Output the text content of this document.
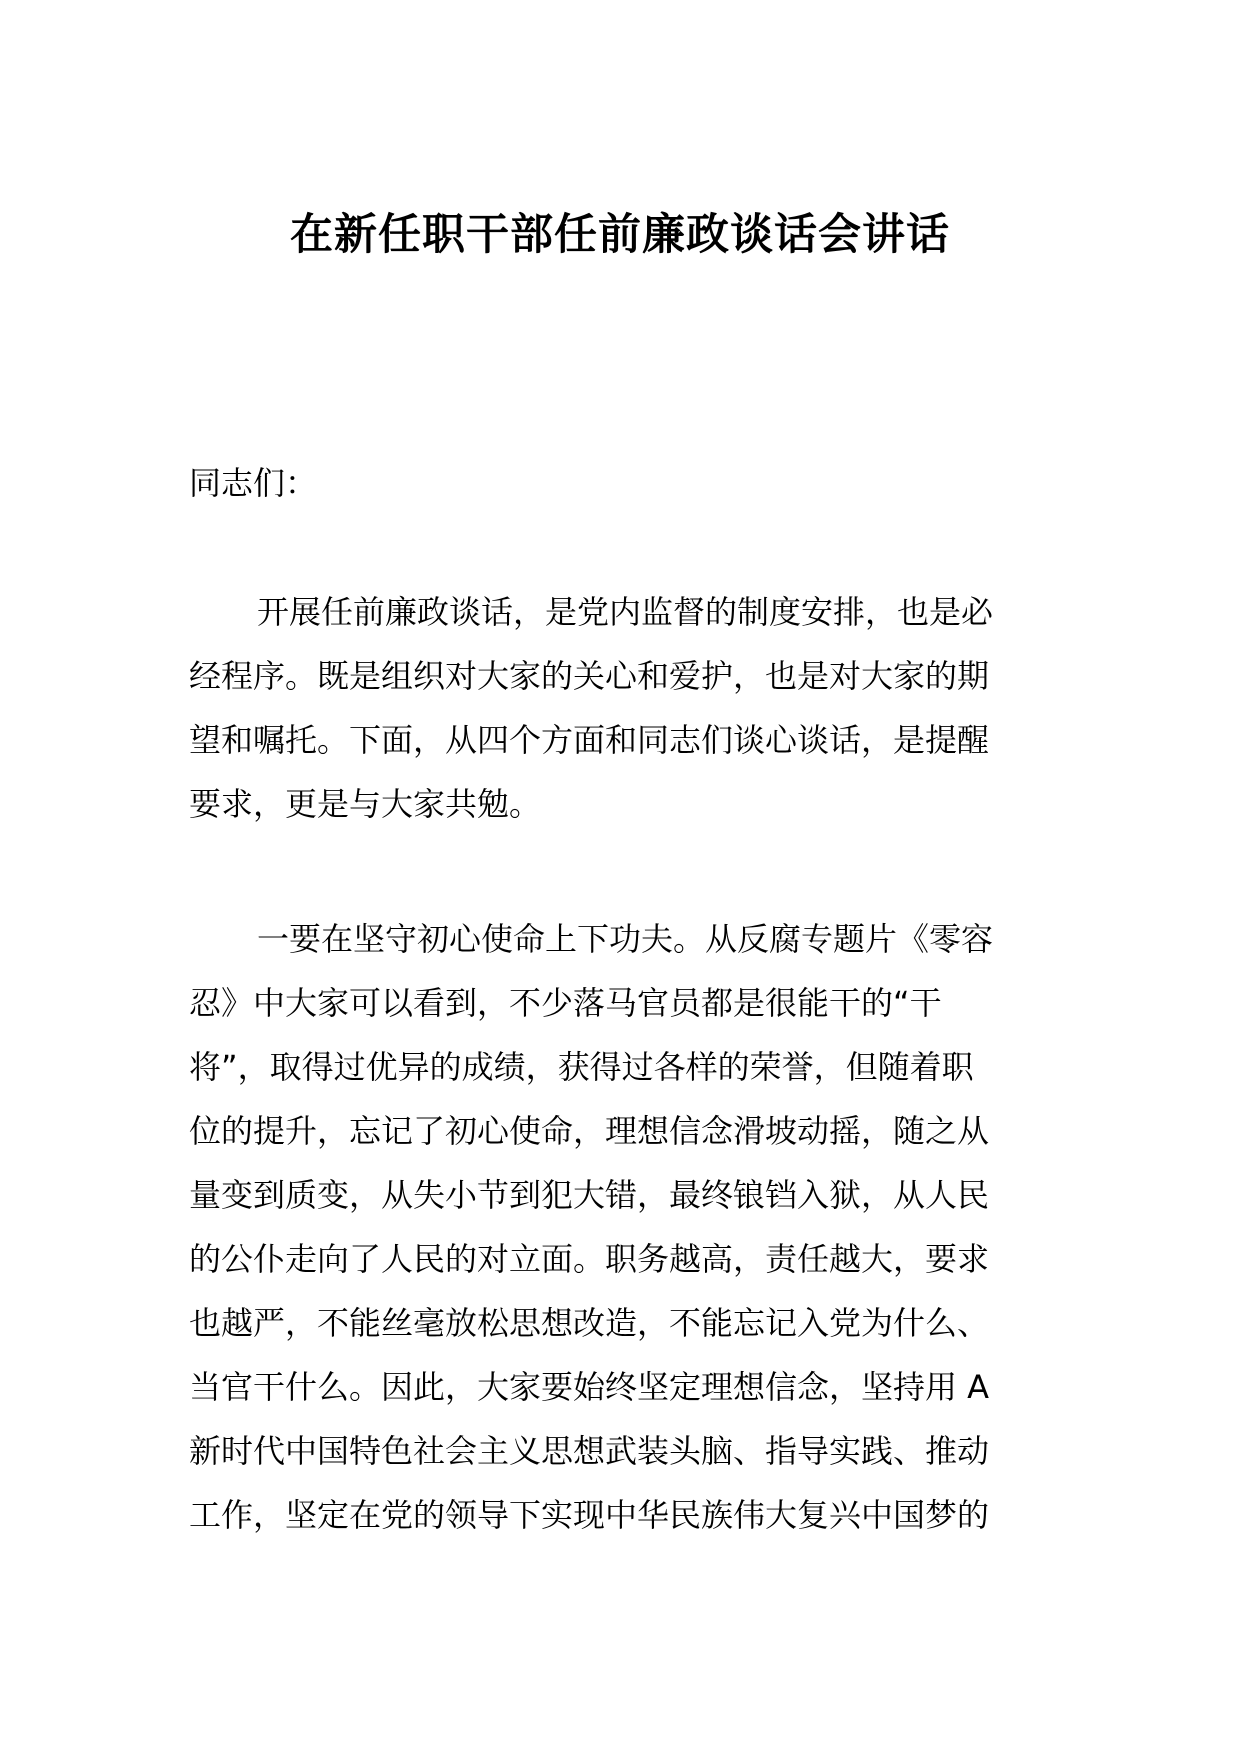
在新任职干部任前廉政谈话会讲话

同志们：

开展任前廉政谈话，是党内监督的制度安排，也是必
经程序。既是组织对大家的关心和爱护，也是对大家的期
望和嘱托。下面，从四个方面和同志们谈心谈话，是提醒
要求，更是与大家共勉。
一要在坚守初心使命上下功夫。从反腐专题片《零容
忍》中大家可以看到，不少落马官员都是很能干的“干
将”，取得过优异的成绩，获得过各样的荣誉，但随着职
位的提升，忘记了初心使命，理想信念滑坡动摇，随之从
量变到质变，从失小节到犯大错，最终锒铛入狱，从人民
的公仆走向了人民的对立面。职务越高，责任越大，要求
也越严，不能丝毫放松思想改造，不能忘记入党为什么、
当官干什么。因此，大家要始终坚定理想信念，坚持用 A
新时代中国特色社会主义思想武装头脑、指导实践、推动
工作，坚定在党的领导下实现中华民族伟大复兴中国梦的
